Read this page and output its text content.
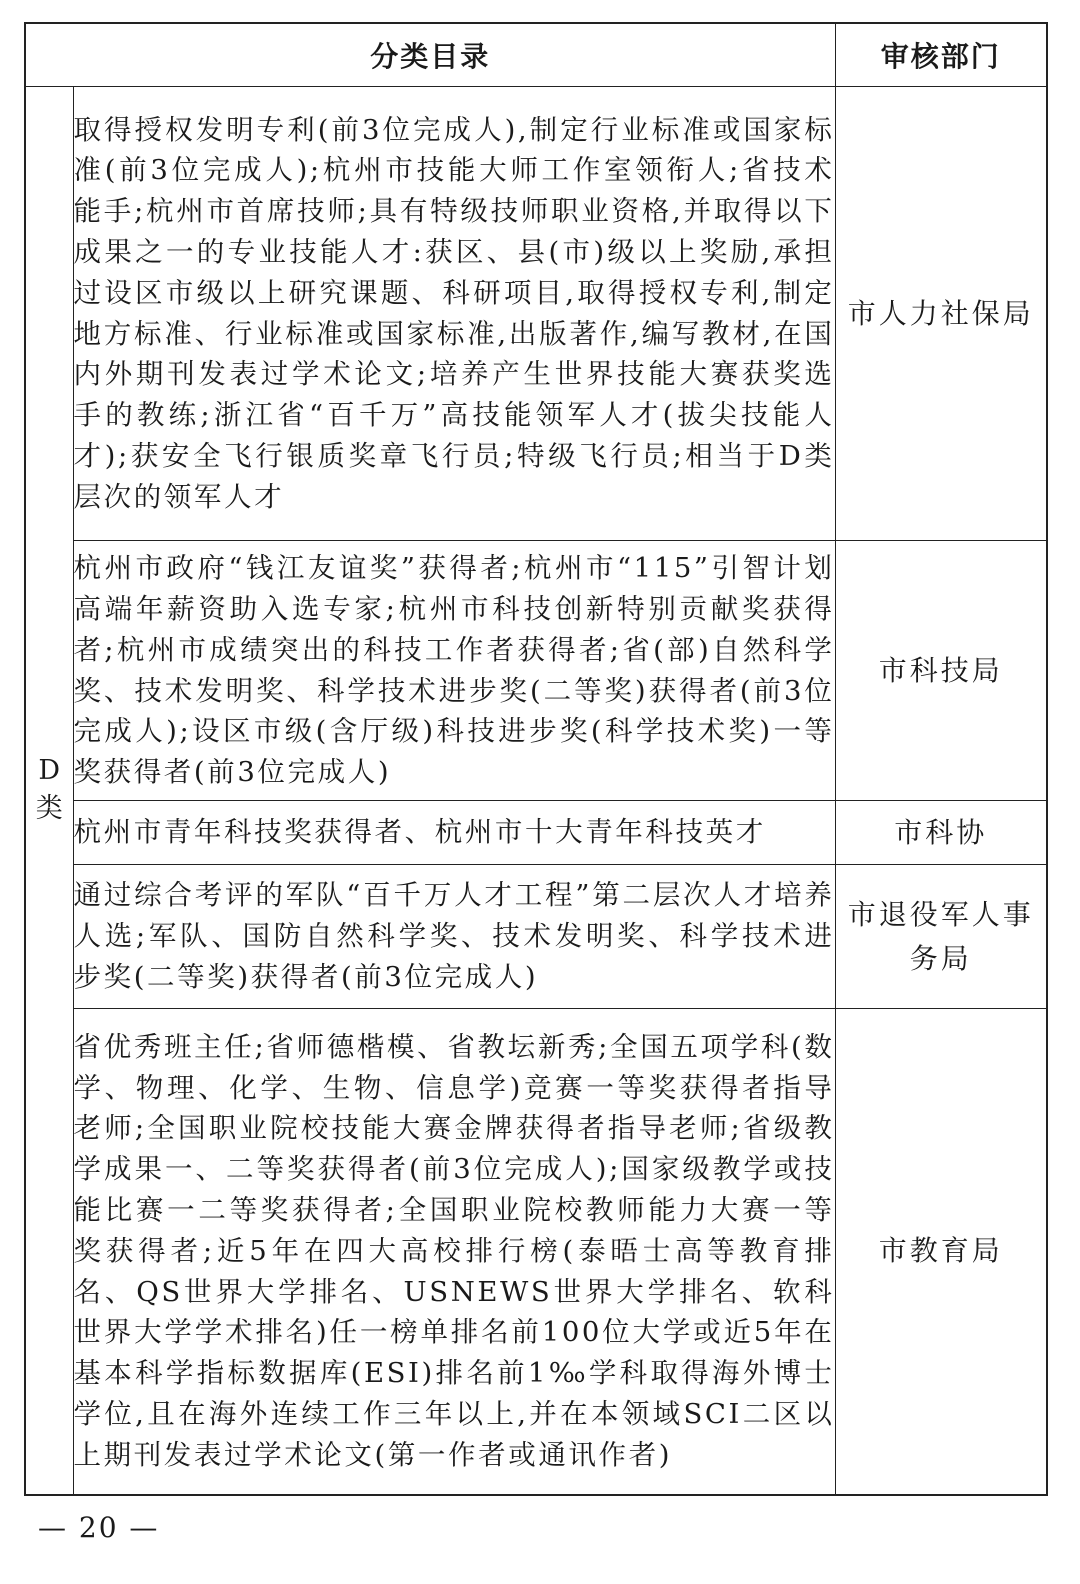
分类目录		审核部门

D
类	取得授权发明专利(前3位完成人),制定行业标准或国家标准(前3位完成人);杭州市技能大师工作室领衔人;省技术能手;杭州市首席技师;具有特级技师职业资格,并取得以下成果之一的专业技能人才:获区、县(市)级以上奖励,承担过设区市级以上研究课题、科研项目,取得授权专利,制定地方标准、行业标准或国家标准,出版著作,编写教材,在国内外期刊发表过学术论文;培养产生世界技能大赛获奖选手的教练;浙江省“百千万”高技能领军人才(拔尖技能人才);获安全飞行银质奖章飞行员;特级飞行员;相当于D类层次的领军人才	市人力社保局
	杭州市政府“钱江友谊奖”获得者;杭州市“115”引智计划高端年薪资助入选专家;杭州市科技创新特别贡献奖获得者;杭州市成绩突出的科技工作者获得者;省(部)自然科学奖、技术发明奖、科学技术进步奖(二等奖)获得者(前3位完成人);设区市级(含厅级)科技进步奖(科学技术奖)一等奖获得者(前3位完成人)	市科技局
	杭州市青年科技奖获得者、杭州市十大青年科技英才	市科协
	通过综合考评的军队“百千万人才工程”第二层次人才培养人选;军队、国防自然科学奖、技术发明奖、科学技术进步奖(二等奖)获得者(前3位完成人)	市退役军人事务局
	省优秀班主任;省师德楷模、省教坛新秀;全国五项学科(数学、物理、化学、生物、信息学)竞赛一等奖获得者指导老师;全国职业院校技能大赛金牌获得者指导老师;省级教学成果一、二等奖获得者(前3位完成人);国家级教学或技能比赛一二等奖获得者;全国职业院校教师能力大赛一等奖获得者;近5年在四大高校排行榜(泰晤士高等教育排名、QS世界大学排名、USNEWS世界大学排名、软科世界大学学术排名)任一榜单排名前100位大学或近5年在基本科学指标数据库(ESI)排名前1‰学科取得海外博士学位,且在海外连续工作三年以上,并在本领域SCI二区以上期刊发表过学术论文(第一作者或通讯作者)	市教育局
— 20 —
